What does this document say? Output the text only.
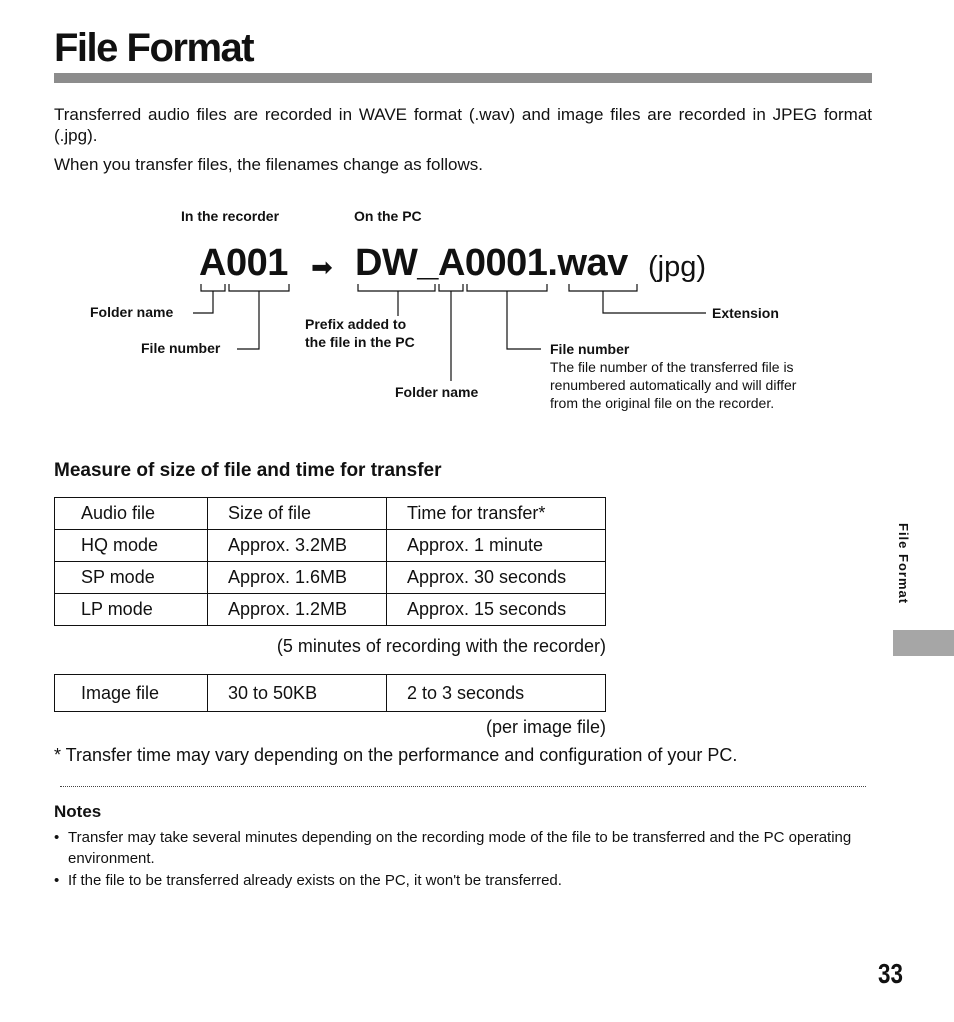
File Format

Transferred audio files are recorded in WAVE format (.wav) and image files are recorded in JPEG format (.jpg).

When you transfer files, the filenames change as follows.

In the recorder	On the PC
A001 ➡ DW_A0001.wav (jpg)
Folder name
File number
Prefix added to
the file in the PC
Folder name
Extension
File number
The file number of the transferred file is
renumbered automatically and will differ
from the original file on the recorder.
Measure of size of file and time for transfer
Audio file	Size of file	Time for transfer*
HQ mode	Approx. 3.2MB	Approx. 1 minute
SP mode	Approx. 1.6MB	Approx. 30 seconds
LP mode	Approx. 1.2MB	Approx. 15 seconds
(5 minutes of recording with the recorder)
Image file	30 to 50KB	2 to 3 seconds
(per image file)
* Transfer time may vary depending on the performance and configuration of your PC.
Notes
• Transfer may take several minutes depending on the recording mode of the file to be transferred and the PC operating environment.
• If the file to be transferred already exists on the PC, it won't be transferred.
File Format
33
